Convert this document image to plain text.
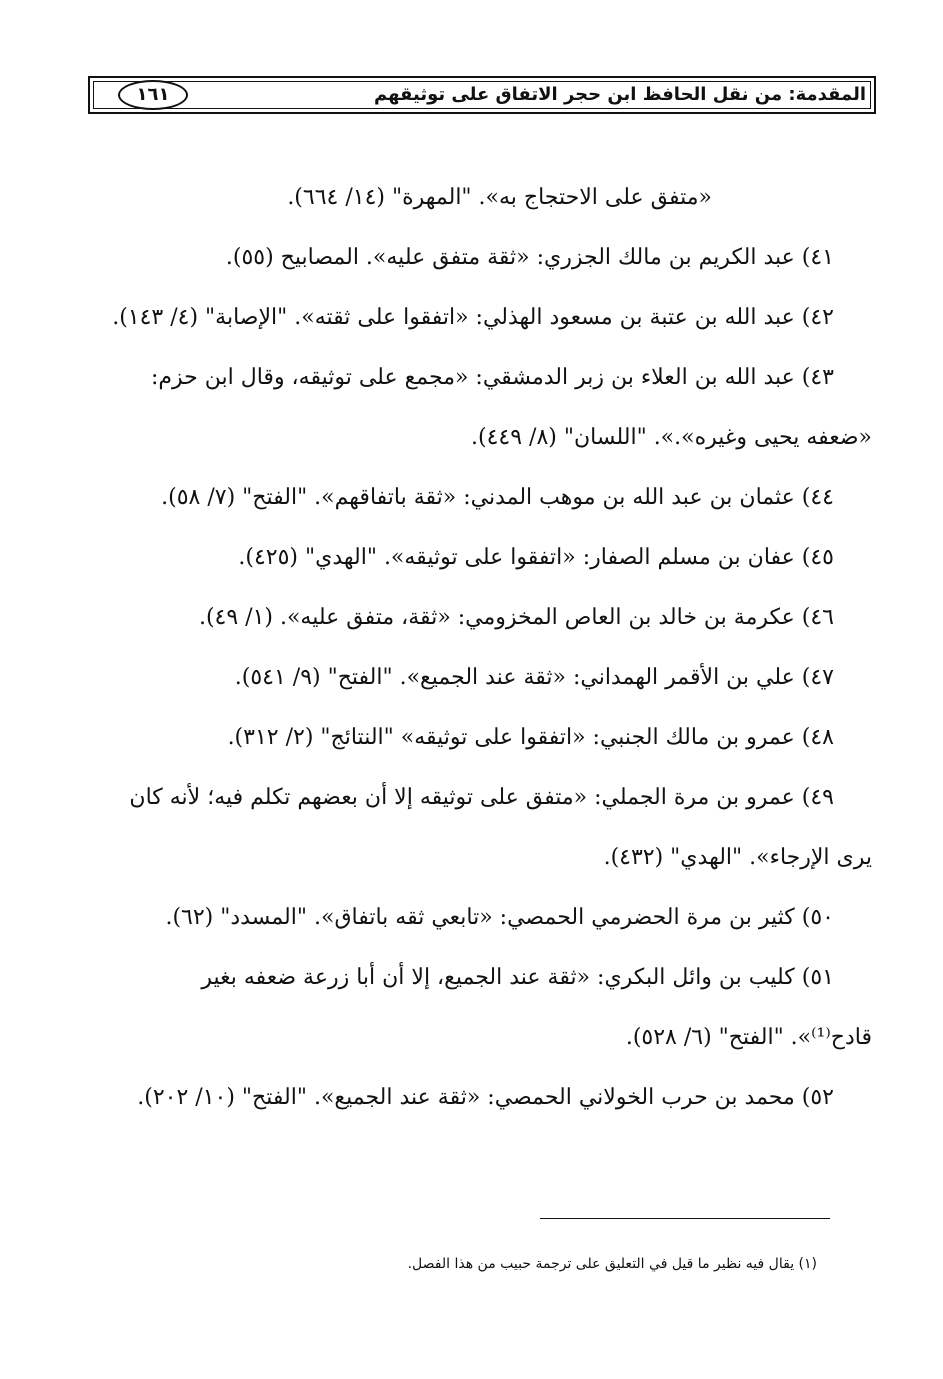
المقدمة: من نقل الحافظ ابن حجر الاتفاق على توثيقهم
١٦١
«متفق على الاحتجاج به». "المهرة" (١٤/ ٦٦٤).
٤١) عبد الكريم بن مالك الجزري: «ثقة متفق عليه». المصابيح (٥٥).
٤٢) عبد الله بن عتبة بن مسعود الهذلي: «اتفقوا على ثقته». "الإصابة" (٤/ ١٤٣).
٤٣) عبد الله بن العلاء بن زبر الدمشقي: «مجمع على توثيقه، وقال ابن حزم:
«ضعفه يحيى وغيره».». "اللسان" (٨/ ٤٤٩).
٤٤) عثمان بن عبد الله بن موهب المدني: «ثقة باتفاقهم». "الفتح" (٧/ ٥٨).
٤٥) عفان بن مسلم الصفار: «اتفقوا على توثيقه». "الهدي" (٤٢٥).
٤٦) عكرمة بن خالد بن العاص المخزومي: «ثقة، متفق عليه». (١/ ٤٩).
٤٧) علي بن الأقمر الهمداني: «ثقة عند الجميع». "الفتح" (٩/ ٥٤١).
٤٨) عمرو بن مالك الجنبي: «اتفقوا على توثيقه» "النتائج" (٢/ ٣١٢).
٤٩) عمرو بن مرة الجملي: «متفق على توثيقه إلا أن بعضهم تكلم فيه؛ لأنه كان
يرى الإرجاء». "الهدي" (٤٣٢).
٥٠) كثير بن مرة الحضرمي الحمصي: «تابعي ثقه باتفاق». "المسدد" (٦٢).
٥١) كليب بن وائل البكري: «ثقة عند الجميع، إلا أن أبا زرعة ضعفه بغير
قادح⁽¹⁾». "الفتح" (٦/ ٥٢٨).
٥٢) محمد بن حرب الخولاني الحمصي: «ثقة عند الجميع». "الفتح" (١٠/ ٢٠٢).
(١) يقال فيه نظير ما قيل في التعليق على ترجمة حبيب من هذا الفصل.
